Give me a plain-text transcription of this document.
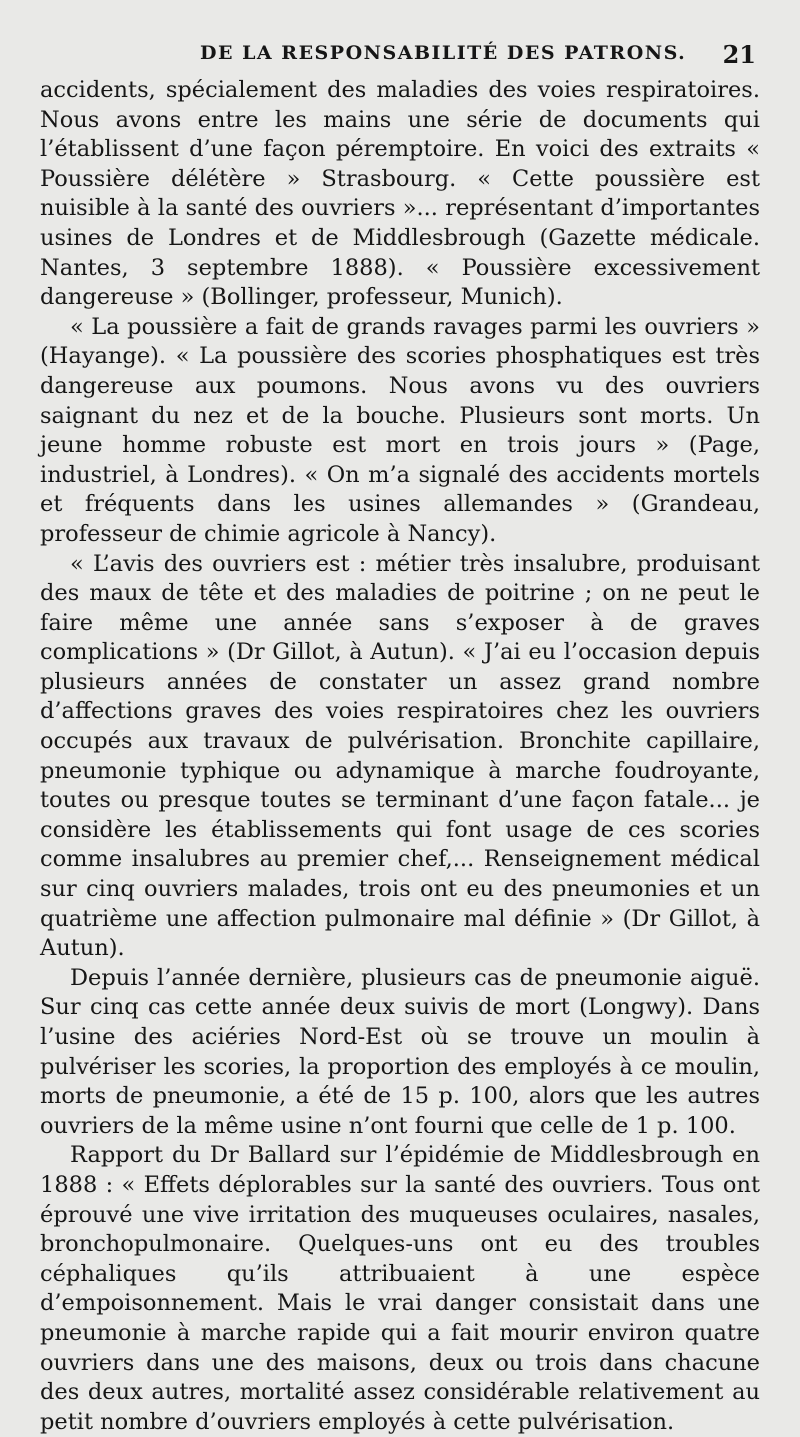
DE LA RESPONSABILITÉ DES PATRONS. 21

accidents, spécialement des maladies des voies respiratoires. Nous avons entre les mains une série de documents qui l’établissent d’une façon péremptoire. En voici des extraits « Poussière délétère » Strasbourg. « Cette poussière est nuisible à la santé des ouvriers »... représentant d’importantes usines de Londres et de Middlesbrough (Gazette médicale. Nantes, 3 septembre 1888). « Poussière excessivement dangereuse » (Bollinger, professeur, Munich).

« La poussière a fait de grands ravages parmi les ouvriers » (Hayange). « La poussière des scories phosphatiques est très dangereuse aux poumons. Nous avons vu des ouvriers saignant du nez et de la bouche. Plusieurs sont morts. Un jeune homme robuste est mort en trois jours » (Page, industriel, à Londres). « On m’a signalé des accidents mortels et fréquents dans les usines allemandes » (Grandeau, professeur de chimie agricole à Nancy).

« L’avis des ouvriers est : métier très insalubre, produisant des maux de tête et des maladies de poitrine ; on ne peut le faire même une année sans s’exposer à de graves complications » (Dr Gillot, à Autun). « J’ai eu l’occasion depuis plusieurs années de constater un assez grand nombre d’affections graves des voies respiratoires chez les ouvriers occupés aux travaux de pulvérisation. Bronchite capillaire, pneumonie typhique ou adynamique à marche foudroyante, toutes ou presque toutes se terminant d’une façon fatale... je considère les établissements qui font usage de ces scories comme insalubres au premier chef,... Renseignement médical sur cinq ouvriers malades, trois ont eu des pneumonies et un quatrième une affection pulmonaire mal définie » (Dr Gillot, à Autun).

Depuis l’année dernière, plusieurs cas de pneumonie aiguë. Sur cinq cas cette année deux suivis de mort (Longwy). Dans l’usine des aciéries Nord-Est où se trouve un moulin à pulvériser les scories, la proportion des employés à ce moulin, morts de pneumonie, a été de 15 p. 100, alors que les autres ouvriers de la même usine n’ont fourni que celle de 1 p. 100.

Rapport du Dr Ballard sur l’épidémie de Middlesbrough en 1888 : « Effets déplorables sur la santé des ouvriers. Tous ont éprouvé une vive irritation des muqueuses oculaires, nasales, bronchopulmonaire. Quelques-uns ont eu des troubles céphaliques qu’ils attribuaient à une espèce d’empoisonnement. Mais le vrai danger consistait dans une pneumonie à marche rapide qui a fait mourir environ quatre ouvriers dans une des maisons, deux ou trois dans chacune des deux autres, mortalité assez considérable relativement au petit nombre d’ouvriers employés à cette pulvérisation.
